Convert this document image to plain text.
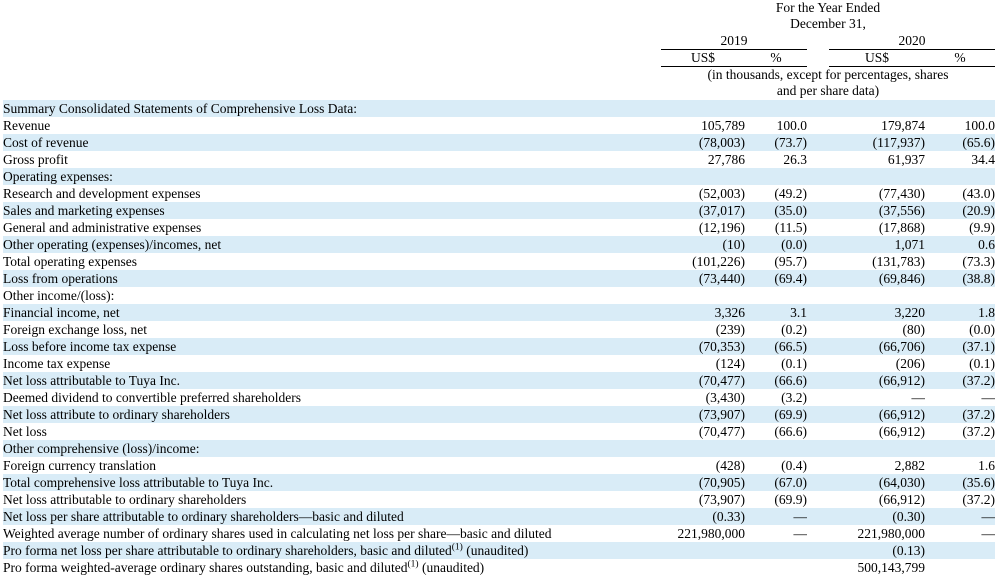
	For the Year Ended
December 31,				

	2019			2020	
	US$	%		US$	%

	(in thousands, except for percentages, shares
and per share data)				

Summary Consolidated Statements of Comprehensive Loss Data:					
Revenue	105,789	100.0		179,874	100.0
Cost of revenue	(78,003)	(73.7)		(117,937)	(65.6)
Gross profit	27,786	26.3		61,937	34.4
Operating expenses:					
Research and development expenses	(52,003)	(49.2)		(77,430)	(43.0)
Sales and marketing expenses	(37,017)	(35.0)		(37,556)	(20.9)
General and administrative expenses	(12,196)	(11.5)		(17,868)	(9.9)
Other operating (expenses)/incomes, net	(10)	(0.0)		1,071	0.6
Total operating expenses	(101,226)	(95.7)		(131,783)	(73.3)
Loss from operations	(73,440)	(69.4)		(69,846)	(38.8)
Other income/(loss):					
Financial income, net	3,326	3.1		3,220	1.8
Foreign exchange loss, net	(239)	(0.2)		(80)	(0.0)
Loss before income tax expense	(70,353)	(66.5)		(66,706)	(37.1)
Income tax expense	(124)	(0.1)		(206)	(0.1)
Net loss attributable to Tuya Inc.	(70,477)	(66.6)		(66,912)	(37.2)
Deemed dividend to convertible preferred shareholders	(3,430)	(3.2)		—	—
Net loss attribute to ordinary shareholders	(73,907)	(69.9)		(66,912)	(37.2)
Net loss	(70,477)	(66.6)		(66,912)	(37.2)
Other comprehensive (loss)/income:					
Foreign currency translation	(428)	(0.4)		2,882	1.6
Total comprehensive loss attributable to Tuya Inc.	(70,905)	(67.0)		(64,030)	(35.6)
Net loss attributable to ordinary shareholders	(73,907)	(69.9)		(66,912)	(37.2)
Net loss per share attributable to ordinary shareholders—basic and diluted	(0.33)	—		(0.30)	—
Weighted average number of ordinary shares used in calculating net loss per share—basic and diluted	221,980,000	—		221,980,000	—
Pro forma net loss per share attributable to ordinary shareholders, basic and diluted$^{(1)}$ (unaudited)				(0.13)	
Pro forma weighted-average ordinary shares outstanding, basic and diluted$^{(1)}$ (unaudited)				500,143,799	
